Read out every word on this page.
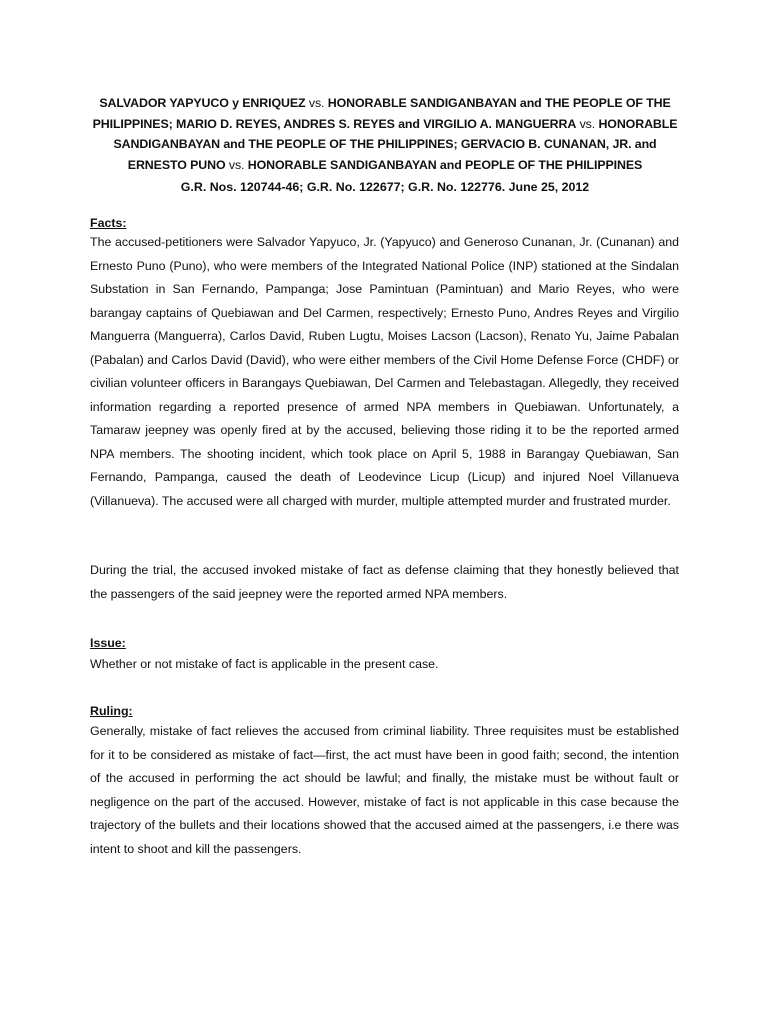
SALVADOR YAPYUCO y ENRIQUEZ vs. HONORABLE SANDIGANBAYAN and THE PEOPLE OF THE PHILIPPINES; MARIO D. REYES, ANDRES S. REYES and VIRGILIO A. MANGUERRA vs. HONORABLE SANDIGANBAYAN and THE PEOPLE OF THE PHILIPPINES; GERVACIO B. CUNANAN, JR. and ERNESTO PUNO vs. HONORABLE SANDIGANBAYAN and PEOPLE OF THE PHILIPPINES
G.R. Nos. 120744-46; G.R. No. 122677; G.R. No. 122776. June 25, 2012
Facts:
The accused-petitioners were Salvador Yapyuco, Jr. (Yapyuco) and Generoso Cunanan, Jr. (Cunanan) and Ernesto Puno (Puno), who were members of the Integrated National Police (INP) stationed at the Sindalan Substation in San Fernando, Pampanga; Jose Pamintuan (Pamintuan) and Mario Reyes, who were barangay captains of Quebiawan and Del Carmen, respectively; Ernesto Puno, Andres Reyes and Virgilio Manguerra (Manguerra), Carlos David, Ruben Lugtu, Moises Lacson (Lacson), Renato Yu, Jaime Pabalan (Pabalan) and Carlos David (David), who were either members of the Civil Home Defense Force (CHDF) or civilian volunteer officers in Barangays Quebiawan, Del Carmen and Telebastagan. Allegedly, they received information regarding a reported presence of armed NPA members in Quebiawan. Unfortunately, a Tamaraw jeepney was openly fired at by the accused, believing those riding it to be the reported armed NPA members. The shooting incident, which took place on April 5, 1988 in Barangay Quebiawan, San Fernando, Pampanga, caused the death of Leodevince Licup (Licup) and injured Noel Villanueva (Villanueva). The accused were all charged with murder, multiple attempted murder and frustrated murder.
During the trial, the accused invoked mistake of fact as defense claiming that they honestly believed that the passengers of the said jeepney were the reported armed NPA members.
Issue:
Whether or not mistake of fact is applicable in the present case.
Ruling:
Generally, mistake of fact relieves the accused from criminal liability. Three requisites must be established for it to be considered as mistake of fact—first, the act must have been in good faith; second, the intention of the accused in performing the act should be lawful; and finally, the mistake must be without fault or negligence on the part of the accused. However, mistake of fact is not applicable in this case because the trajectory of the bullets and their locations showed that the accused aimed at the passengers, i.e there was intent to shoot and kill the passengers.
